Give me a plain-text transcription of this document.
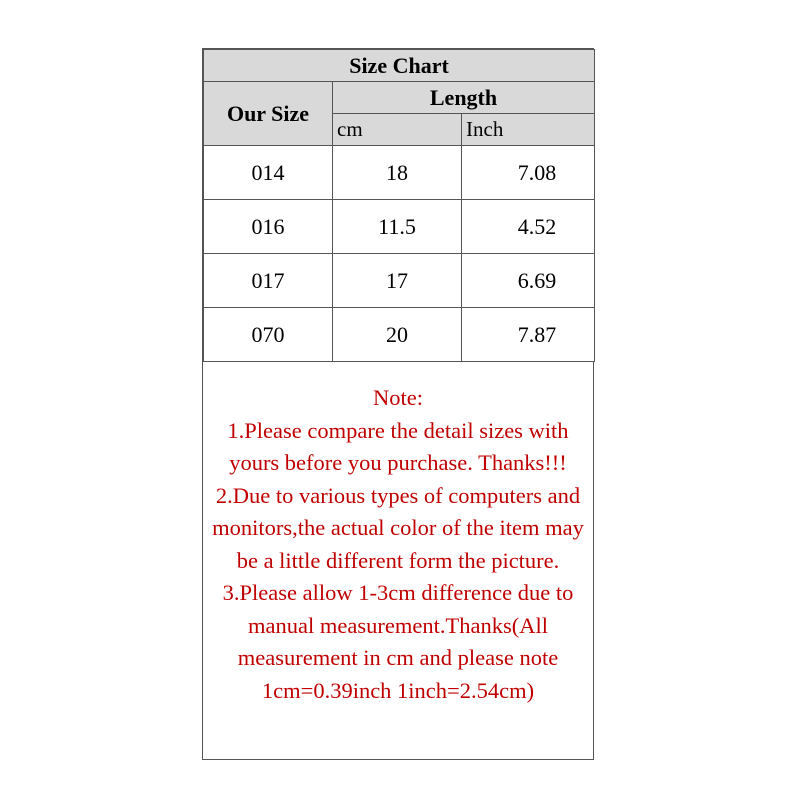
Size Chart		
Our Size	Length	
	cm	Inch
014	18	7.08
016	11.5	4.52
017	17	6.69
070	20	7.87

Note:

1.Please compare the detail sizes with yours before you purchase. Thanks!!!

2.Due to various types of computers and monitors,the actual color of the item may be a little different form the picture.

3.Please allow 1-3cm difference due to manual measurement.Thanks(All measurement in cm and please note 1cm=0.39inch 1inch=2.54cm)
